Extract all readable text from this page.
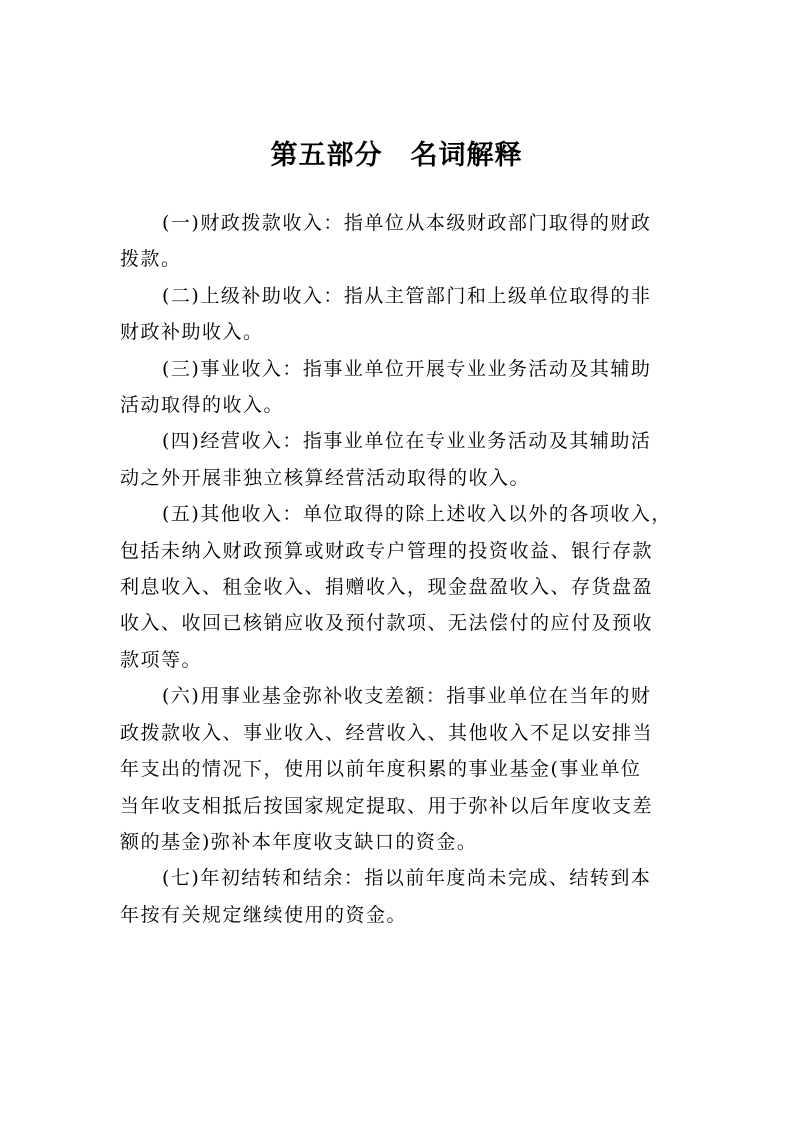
第五部分　名词解释

(一)财政拨款收入：指单位从本级财政部门取得的财政
拨款。

(二)上级补助收入：指从主管部门和上级单位取得的非
财政补助收入。

(三)事业收入：指事业单位开展专业业务活动及其辅助
活动取得的收入。

(四)经营收入：指事业单位在专业业务活动及其辅助活
动之外开展非独立核算经营活动取得的收入。

(五)其他收入：单位取得的除上述收入以外的各项收入，
包括未纳入财政预算或财政专户管理的投资收益、银行存款
利息收入、租金收入、捐赠收入，现金盘盈收入、存货盘盈
收入、收回已核销应收及预付款项、无法偿付的应付及预收
款项等。

(六)用事业基金弥补收支差额：指事业单位在当年的财
政拨款收入、事业收入、经营收入、其他收入不足以安排当
年支出的情况下，使用以前年度积累的事业基金(事业单位
当年收支相抵后按国家规定提取、用于弥补以后年度收支差
额的基金)弥补本年度收支缺口的资金。

(七)年初结转和结余：指以前年度尚未完成、结转到本
年按有关规定继续使用的资金。
